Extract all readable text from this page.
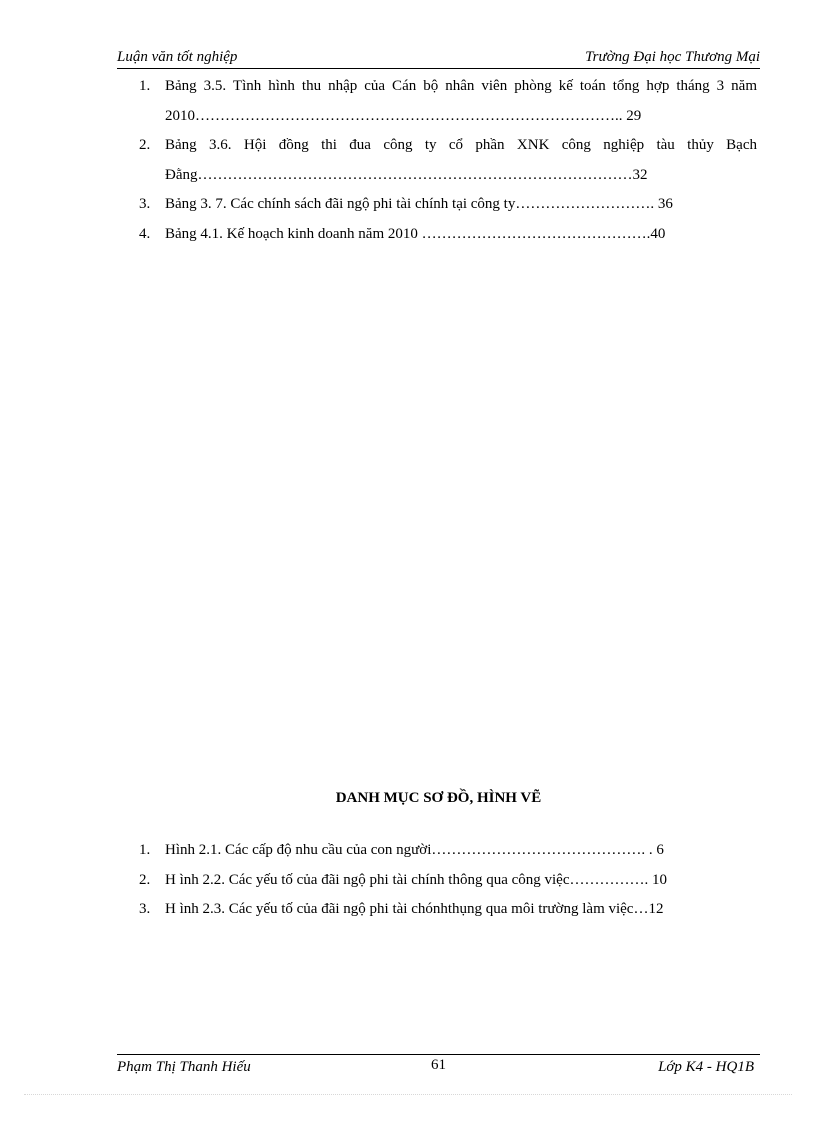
Luận văn tốt nghiệp	Trường Đại học Thương Mại
1. Bảng 3.5. Tình hình thu nhập của Cán bộ nhân viên phòng kế toán tổng hợp tháng 3 năm 2010………………………………………………………………………….. 29
2. Bảng 3.6. Hội đồng thi đua công ty cổ phần XNK công nghiệp tàu thủy Bạch Đằng……………………………………………………………………………32
3. Bảng 3. 7. Các chính sách đãi ngộ phi tài chính tại công ty………………………. 36
4. Bảng 4.1. Kế hoạch kinh doanh năm 2010 ……………………………………….40
DANH MỤC SƠ ĐỒ, HÌNH VẼ
1. Hình 2.1. Các cấp độ nhu cầu của con người……………………………………. . 6
2. H ình 2.2. Các yếu tố của đãi ngộ phi tài chính thông qua công việc……………. 10
3. H ình 2.3. Các yếu tố của đãi ngộ phi tài chónhthụng qua môi trường làm việc…12
Phạm Thị Thanh Hiếu	61	Lớp K4 - HQ1B
